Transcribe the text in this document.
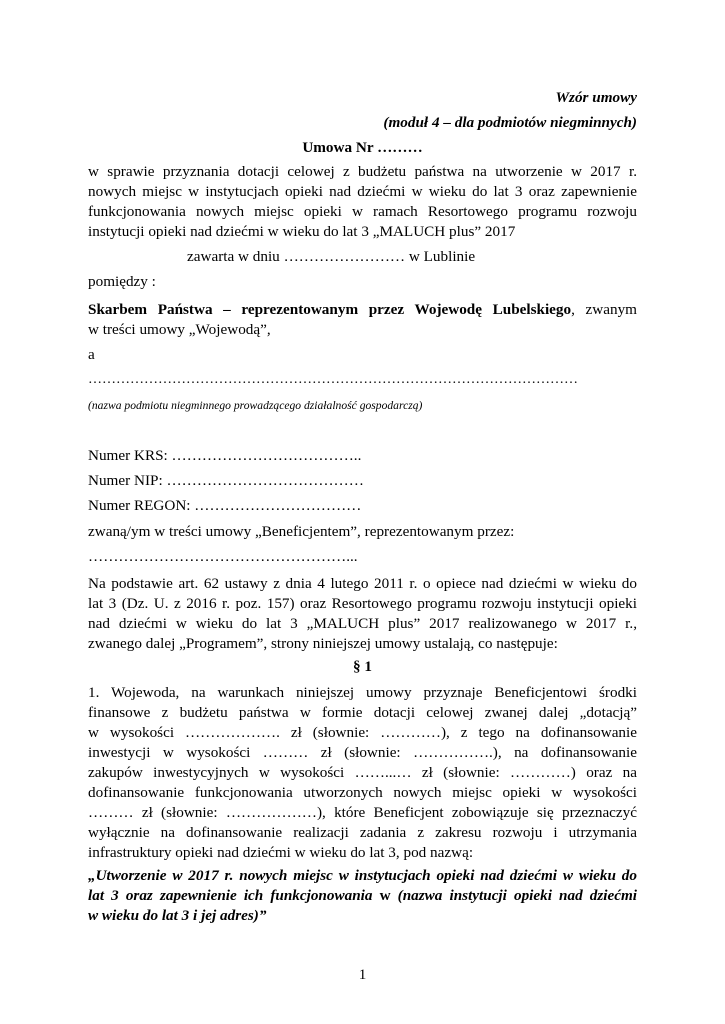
Wzór umowy
(moduł 4 – dla podmiotów niegminnych)
Umowa Nr ………
w sprawie przyznania dotacji celowej z budżetu państwa na utworzenie w 2017 r.
nowych miejsc w instytucjach opieki nad dziećmi w wieku do lat 3 oraz zapewnienie
funkcjonowania nowych miejsc opieki w ramach Resortowego programu rozwoju
instytucji opieki nad dziećmi w wieku do lat 3 „MALUCH plus” 2017
zawarta w dniu …………………… w Lublinie
pomiędzy :
Skarbem Państwa – reprezentowanym przez Wojewodę Lubelskiego, zwanym
w treści umowy „Wojewodą”,
a
……………………………………………………………………………………………
(nazwa podmiotu niegminnego prowadzącego działalność gospodarczą)
Numer KRS: ………………………………..
Numer NIP: …………………………………
Numer REGON: ……………………………
zwaną/ym w treści umowy „Beneficjentem”, reprezentowanym przez:
……………………………………………...
Na podstawie art. 62 ustawy z dnia 4 lutego 2011 r. o opiece nad dziećmi w wieku do
lat 3 (Dz. U. z 2016 r. poz. 157) oraz Resortowego programu rozwoju instytucji opieki
nad dziećmi w wieku do lat 3 „MALUCH plus” 2017 realizowanego w 2017 r.,
zwanego dalej „Programem”, strony niniejszej umowy ustalają, co następuje:
§ 1
1. Wojewoda, na warunkach niniejszej umowy przyznaje Beneficjentowi środki
finansowe z budżetu państwa w formie dotacji celowej zwanej dalej „dotacją”
w wysokości ………………. zł (słownie: …………), z tego na dofinansowanie
inwestycji w wysokości ……… zł (słownie: …………….), na dofinansowanie
zakupów inwestycyjnych w wysokości ……...… zł (słownie: …………) oraz na
dofinansowanie funkcjonowania utworzonych nowych miejsc opieki w wysokości
……… zł (słownie: ………………), które Beneficjent zobowiązuje się przeznaczyć
wyłącznie na dofinansowanie realizacji zadania z zakresu rozwoju i utrzymania
infrastruktury opieki nad dziećmi w wieku do lat 3, pod nazwą:
„Utworzenie w 2017 r. nowych miejsc w instytucjach opieki nad dziećmi w wieku do
lat 3 oraz zapewnienie ich funkcjonowania w (nazwa instytucji opieki nad dziećmi
w wieku do lat 3 i jej adres)”
1
